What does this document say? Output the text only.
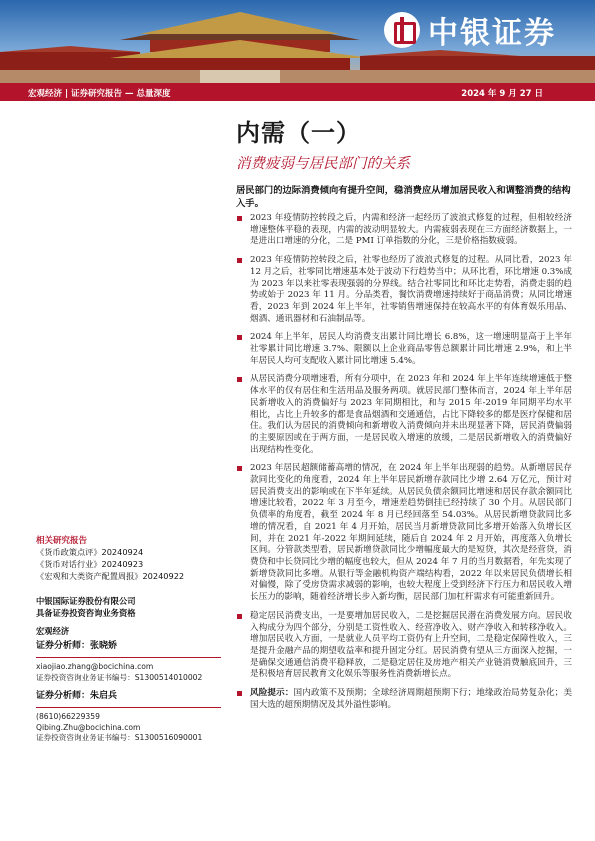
中银证券
宏观经济 | 证券研究报告 — 总量深度	2024 年 9 月 27 日
内需（一）
消费疲弱与居民部门的关系
居民部门的边际消费倾向有提升空间，稳消费应从增加居民收入和调整消费的结构入手。
2023 年疫情防控转段之后，内需和经济一起经历了波浪式修复的过程，但相较经济增速整体平稳的表现，内需的波动明显较大。内需疲弱表现在三方面经济数据上，一是进出口增速的分化，二是 PMI 订单指数的分化，三是价格指数疲弱。
2023 年疫情防控转段之后，社零也经历了波浪式修复的过程。从同比看，2023 年 12 月之后，社零同比增速基本处于波动下行趋势当中；从环比看，环比增速 0.3%成为 2023 年以来社零表现强弱的分界线。结合社零同比和环比走势看，消费走弱的趋势或始于 2023 年 11 月。分品类看，餐饮消费增速持续好于商品消费；从同比增速看，2023 年到 2024 年上半年，社零销售增速保持在较高水平的有体育娱乐用品、烟酒、通讯器材和石油制品等。
2024 年上半年，居民人均消费支出累计同比增长 6.8%，这一增速明显高于上半年社零累计同比增速 3.7%、限额以上企业商品零售总额累计同比增速 2.9%，和上半年居民人均可支配收入累计同比增速 5.4%。
从居民消费分项增速看，所有分项中，在 2023 年和 2024 年上半年连续增速低于整体水平的仅有居住和生活用品及服务两项。就居民部门整体而言，2024 年上半年居民新增收入的消费偏好与 2023 年同期相比，和与 2015 年-2019 年同期平均水平相比，占比上升较多的都是食品烟酒和交通通信，占比下降较多的都是医疗保健和居住。我们认为居民的消费倾向和新增收入消费倾向并未出现显著下降，居民消费偏弱的主要原因或在于两方面，一是居民收入增速的放缓，二是居民新增收入的消费偏好出现结构性变化。
2023 年居民超额储蓄高增的情况，在 2024 年上半年出现弱的趋势。从新增居民存款同比变化的角度看，2024 年上半年居民新增存款同比少增 2.64 万亿元，预计对居民消费支出的影响或在下半年延续。从居民负债余额同比增速和居民存款余额同比增速比较看，2022 年 3 月至今，增速差趋势倒挂已经持续了 30 个月。从居民部门负债率的角度看，截至 2024 年 8 月已经回落至 54.03%。从居民新增贷款同比多增的情况看，自 2021 年 4 月开始，居民当月新增贷款同比多增开始落入负增长区间，并在 2021 年-2022 年期间延续，随后自 2024 年 2 月开始，再度落入负增长区间。分管款类型看，居民新增贷款同比少增幅度最大的是短贷，其次是经营贷，消费贷和中长贷同比少增的幅度也较大，但从 2024 年 7 月的当月数据看，年先实现了新增贷款同比多增。从银行等金融机构资产端结构看，2022 年以来居民负债增长相对偏慢，除了受房贷需求减弱的影响，也较大程度上受到经济下行压力和居民收入增长压力的影响，随着经济增长步入新均衡，居民部门加杠杆需求有可能重新回升。
稳定居民消费支出，一是要增加居民收入，二是挖掘居民潜在消费发展方向。居民收入构成分为四个部分，分别是工资性收入、经营净收入、财产净收入和转移净收入。增加居民收入方面，一是就业人员平均工资仍有上升空间，二是稳定保障性收入，三是提升金融产品的期望收益率和提升固定分红。居民消费有望从三方面深入挖掘，一是确保交通通信消费平稳释放，二是稳定居住及房地产相关产业链消费触底回升，三是积极培育居民教育文化娱乐等服务性消费新增长点。
风险提示：国内政策不及预期；全球经济周期超预期下行；地缘政治局势复杂化；美国大选的超预期情况及其外溢性影响。
相关研究报告
《货币政策点评》20240924
《货币对话行业》20240923
《宏观和大类资产配置周报》20240922
中银国际证券股份有限公司
具备证券投资咨询业务资格
宏观经济
证券分析师：张晓娇
xiaojiao.zhang@bocichina.com
证券投资咨询业务证书编号：S1300514010002
证券分析师：朱启兵
(8610)66229359
Qibing.Zhu@bocichina.com
证券投资咨询业务证书编号：S1300516090001
